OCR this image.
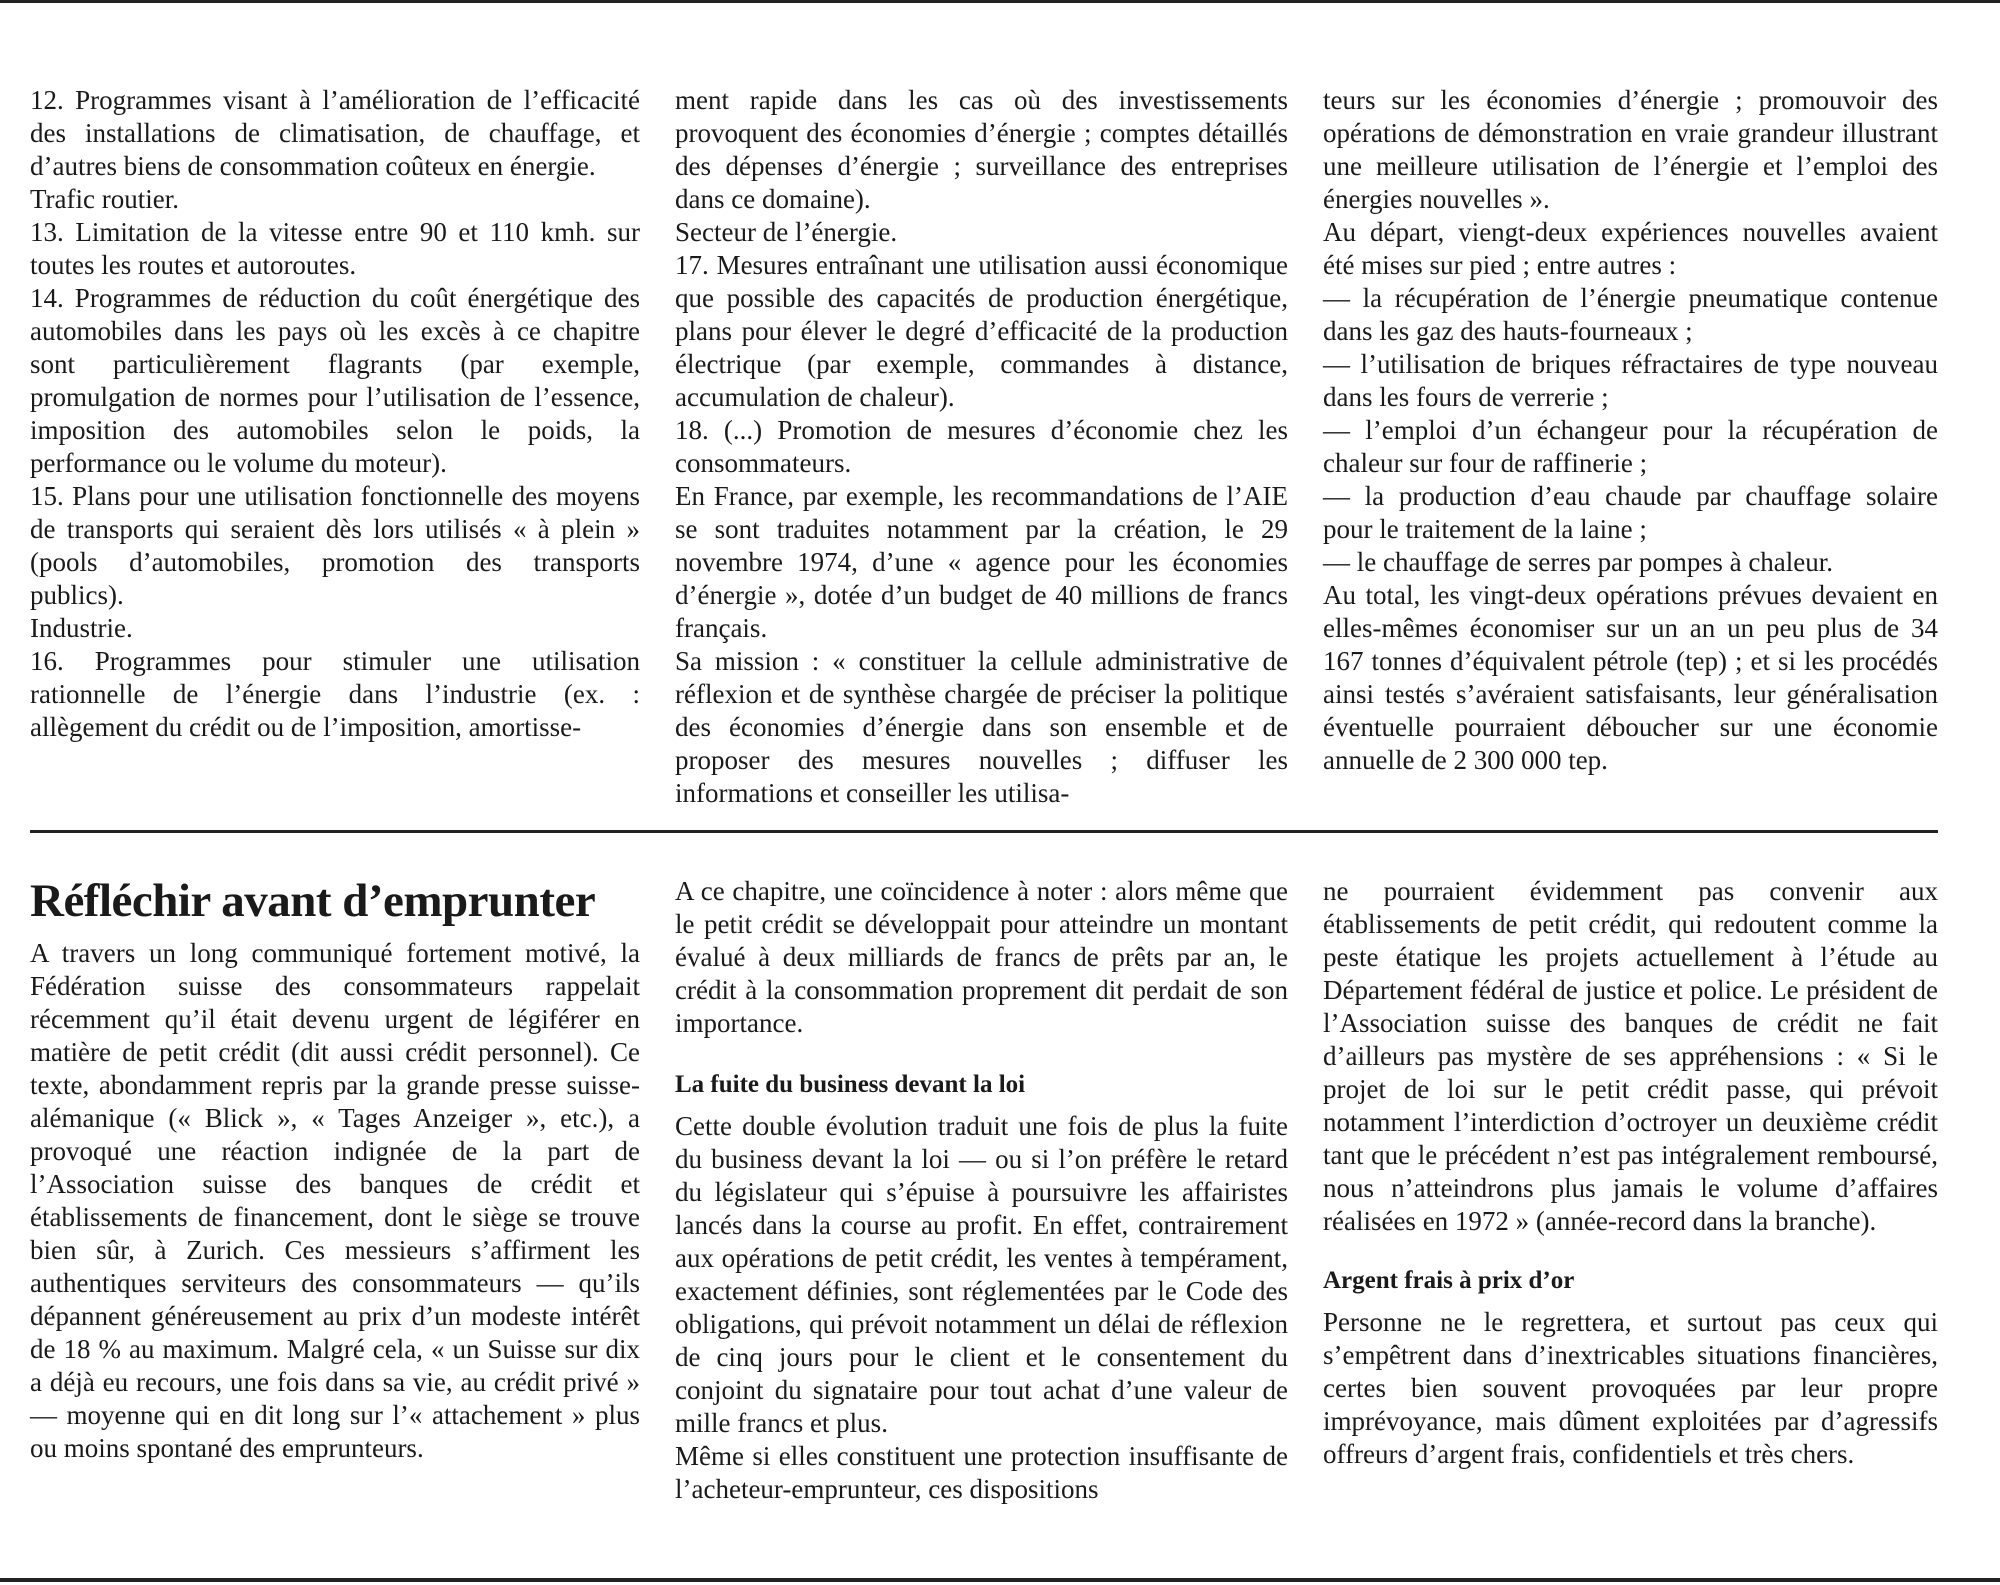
12. Programmes visant à l’amélioration de l’efficacité des installations de climatisation, de chauffage, et d’autres biens de consommation coûteux en énergie.

Trafic routier.

13. Limitation de la vitesse entre 90 et 110 kmh. sur toutes les routes et autoroutes.

14. Programmes de réduction du coût énergétique des automobiles dans les pays où les excès à ce chapitre sont particulièrement flagrants (par exemple, promulgation de normes pour l’utilisation de l’essence, imposition des automobiles selon le poids, la performance ou le volume du moteur).

15. Plans pour une utilisation fonctionnelle des moyens de transports qui seraient dès lors utilisés « à plein » (pools d’automobiles, promotion des transports publics).

Industrie.

16. Programmes pour stimuler une utilisation rationnelle de l’énergie dans l’industrie (ex. : allègement du crédit ou de l’imposition, amortisse-

ment rapide dans les cas où des investissements provoquent des économies d’énergie ; comptes détaillés des dépenses d’énergie ; surveillance des entreprises dans ce domaine).

Secteur de l’énergie.

17. Mesures entraînant une utilisation aussi économique que possible des capacités de production énergétique, plans pour élever le degré d’efficacité de la production électrique (par exemple, commandes à distance, accumulation de chaleur).

18. (...) Promotion de mesures d’économie chez les consommateurs.

En France, par exemple, les recommandations de l’AIE se sont traduites notamment par la création, le 29 novembre 1974, d’une « agence pour les économies d’énergie », dotée d’un budget de 40 millions de francs français.

Sa mission : « constituer la cellule administrative de réflexion et de synthèse chargée de préciser la politique des économies d’énergie dans son ensemble et de proposer des mesures nouvelles ; diffuser les informations et conseiller les utilisa-

teurs sur les économies d’énergie ; promouvoir des opérations de démonstration en vraie grandeur illustrant une meilleure utilisation de l’énergie et l’emploi des énergies nouvelles ».

Au départ, viengt-deux expériences nouvelles avaient été mises sur pied ; entre autres :

— la récupération de l’énergie pneumatique contenue dans les gaz des hauts-fourneaux ;

— l’utilisation de briques réfractaires de type nouveau dans les fours de verrerie ;

— l’emploi d’un échangeur pour la récupération de chaleur sur four de raffinerie ;

— la production d’eau chaude par chauffage solaire pour le traitement de la laine ;

— le chauffage de serres par pompes à chaleur.

Au total, les vingt-deux opérations prévues devaient en elles-mêmes économiser sur un an un peu plus de 34 167 tonnes d’équivalent pétrole (tep) ; et si les procédés ainsi testés s’avéraient satisfaisants, leur généralisation éventuelle pourraient déboucher sur une économie annuelle de 2 300 000 tep.

Réfléchir avant d’emprunter

A travers un long communiqué fortement motivé, la Fédération suisse des consommateurs rappelait récemment qu’il était devenu urgent de légiférer en matière de petit crédit (dit aussi crédit personnel). Ce texte, abondamment repris par la grande presse suisse-alémanique (« Blick », « Tages Anzeiger », etc.), a provoqué une réaction indignée de la part de l’Association suisse des banques de crédit et établissements de financement, dont le siège se trouve bien sûr, à Zurich. Ces messieurs s’affirment les authentiques serviteurs des consommateurs — qu’ils dépannent généreusement au prix d’un modeste intérêt de 18 % au maximum. Malgré cela, « un Suisse sur dix a déjà eu recours, une fois dans sa vie, au crédit privé » — moyenne qui en dit long sur l’« attachement » plus ou moins spontané des emprunteurs.

A ce chapitre, une coïncidence à noter : alors même que le petit crédit se développait pour atteindre un montant évalué à deux milliards de francs de prêts par an, le crédit à la consommation proprement dit perdait de son importance.

La fuite du business devant la loi

Cette double évolution traduit une fois de plus la fuite du business devant la loi — ou si l’on préfère le retard du législateur qui s’épuise à poursuivre les affairistes lancés dans la course au profit. En effet, contrairement aux opérations de petit crédit, les ventes à tempérament, exactement définies, sont réglementées par le Code des obligations, qui prévoit notamment un délai de réflexion de cinq jours pour le client et le consentement du conjoint du signataire pour tout achat d’une valeur de mille francs et plus.

Même si elles constituent une protection insuffisante de l’acheteur-emprunteur, ces dispositions

ne pourraient évidemment pas convenir aux établissements de petit crédit, qui redoutent comme la peste étatique les projets actuellement à l’étude au Département fédéral de justice et police. Le président de l’Association suisse des banques de crédit ne fait d’ailleurs pas mystère de ses appréhensions : « Si le projet de loi sur le petit crédit passe, qui prévoit notamment l’interdiction d’octroyer un deuxième crédit tant que le précédent n’est pas intégralement remboursé, nous n’atteindrons plus jamais le volume d’affaires réalisées en 1972 » (année-record dans la branche).

Argent frais à prix d’or

Personne ne le regrettera, et surtout pas ceux qui s’empêtrent dans d’inextricables situations financières, certes bien souvent provoquées par leur propre imprévoyance, mais dûment exploitées par d’agressifs offreurs d’argent frais, confidentiels et très chers.
